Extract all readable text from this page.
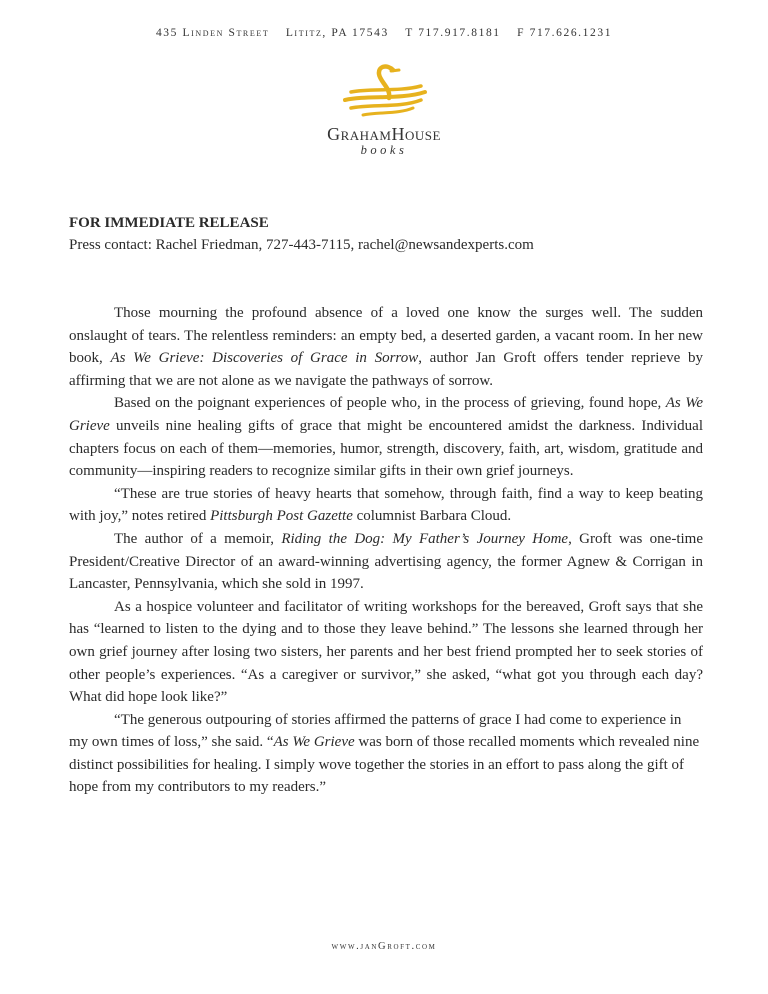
435 Linden Street Lititz, PA 17543 T 717.917.8181 F 717.626.1231
GrahamHouse
books
FOR IMMEDIATE RELEASE
Press contact: Rachel Friedman, 727-443-7115, rachel@newsandexperts.com

Those mourning the profound absence of a loved one know the surges well. The sudden onslaught of tears. The relentless reminders: an empty bed, a deserted garden, a vacant room. In her new book, As We Grieve: Discoveries of Grace in Sorrow, author Jan Groft offers tender reprieve by affirming that we are not alone as we navigate the pathways of sorrow.

Based on the poignant experiences of people who, in the process of grieving, found hope, As We Grieve unveils nine healing gifts of grace that might be encountered amidst the darkness. Individual chapters focus on each of them—memories, humor, strength, discovery, faith, art, wisdom, gratitude and community—inspiring readers to recognize similar gifts in their own grief journeys.

“These are true stories of heavy hearts that somehow, through faith, find a way to keep beating with joy,” notes retired Pittsburgh Post Gazette columnist Barbara Cloud.

The author of a memoir, Riding the Dog: My Father’s Journey Home, Groft was one-time President/Creative Director of an award-winning advertising agency, the former Agnew & Corrigan in Lancaster, Pennsylvania, which she sold in 1997.

As a hospice volunteer and facilitator of writing workshops for the bereaved, Groft says that she has “learned to listen to the dying and to those they leave behind.” The lessons she learned through her own grief journey after losing two sisters, her parents and her best friend prompted her to seek stories of other people’s experiences. “As a caregiver or survivor,” she asked, “what got you through each day? What did hope look like?”

“The generous outpouring of stories affirmed the patterns of grace I had come to experience in my own times of loss,” she said. “As We Grieve was born of those recalled moments which revealed nine distinct possibilities for healing. I simply wove together the stories in an effort to pass along the gift of hope from my contributors to my readers.”

www.janGroft.com
